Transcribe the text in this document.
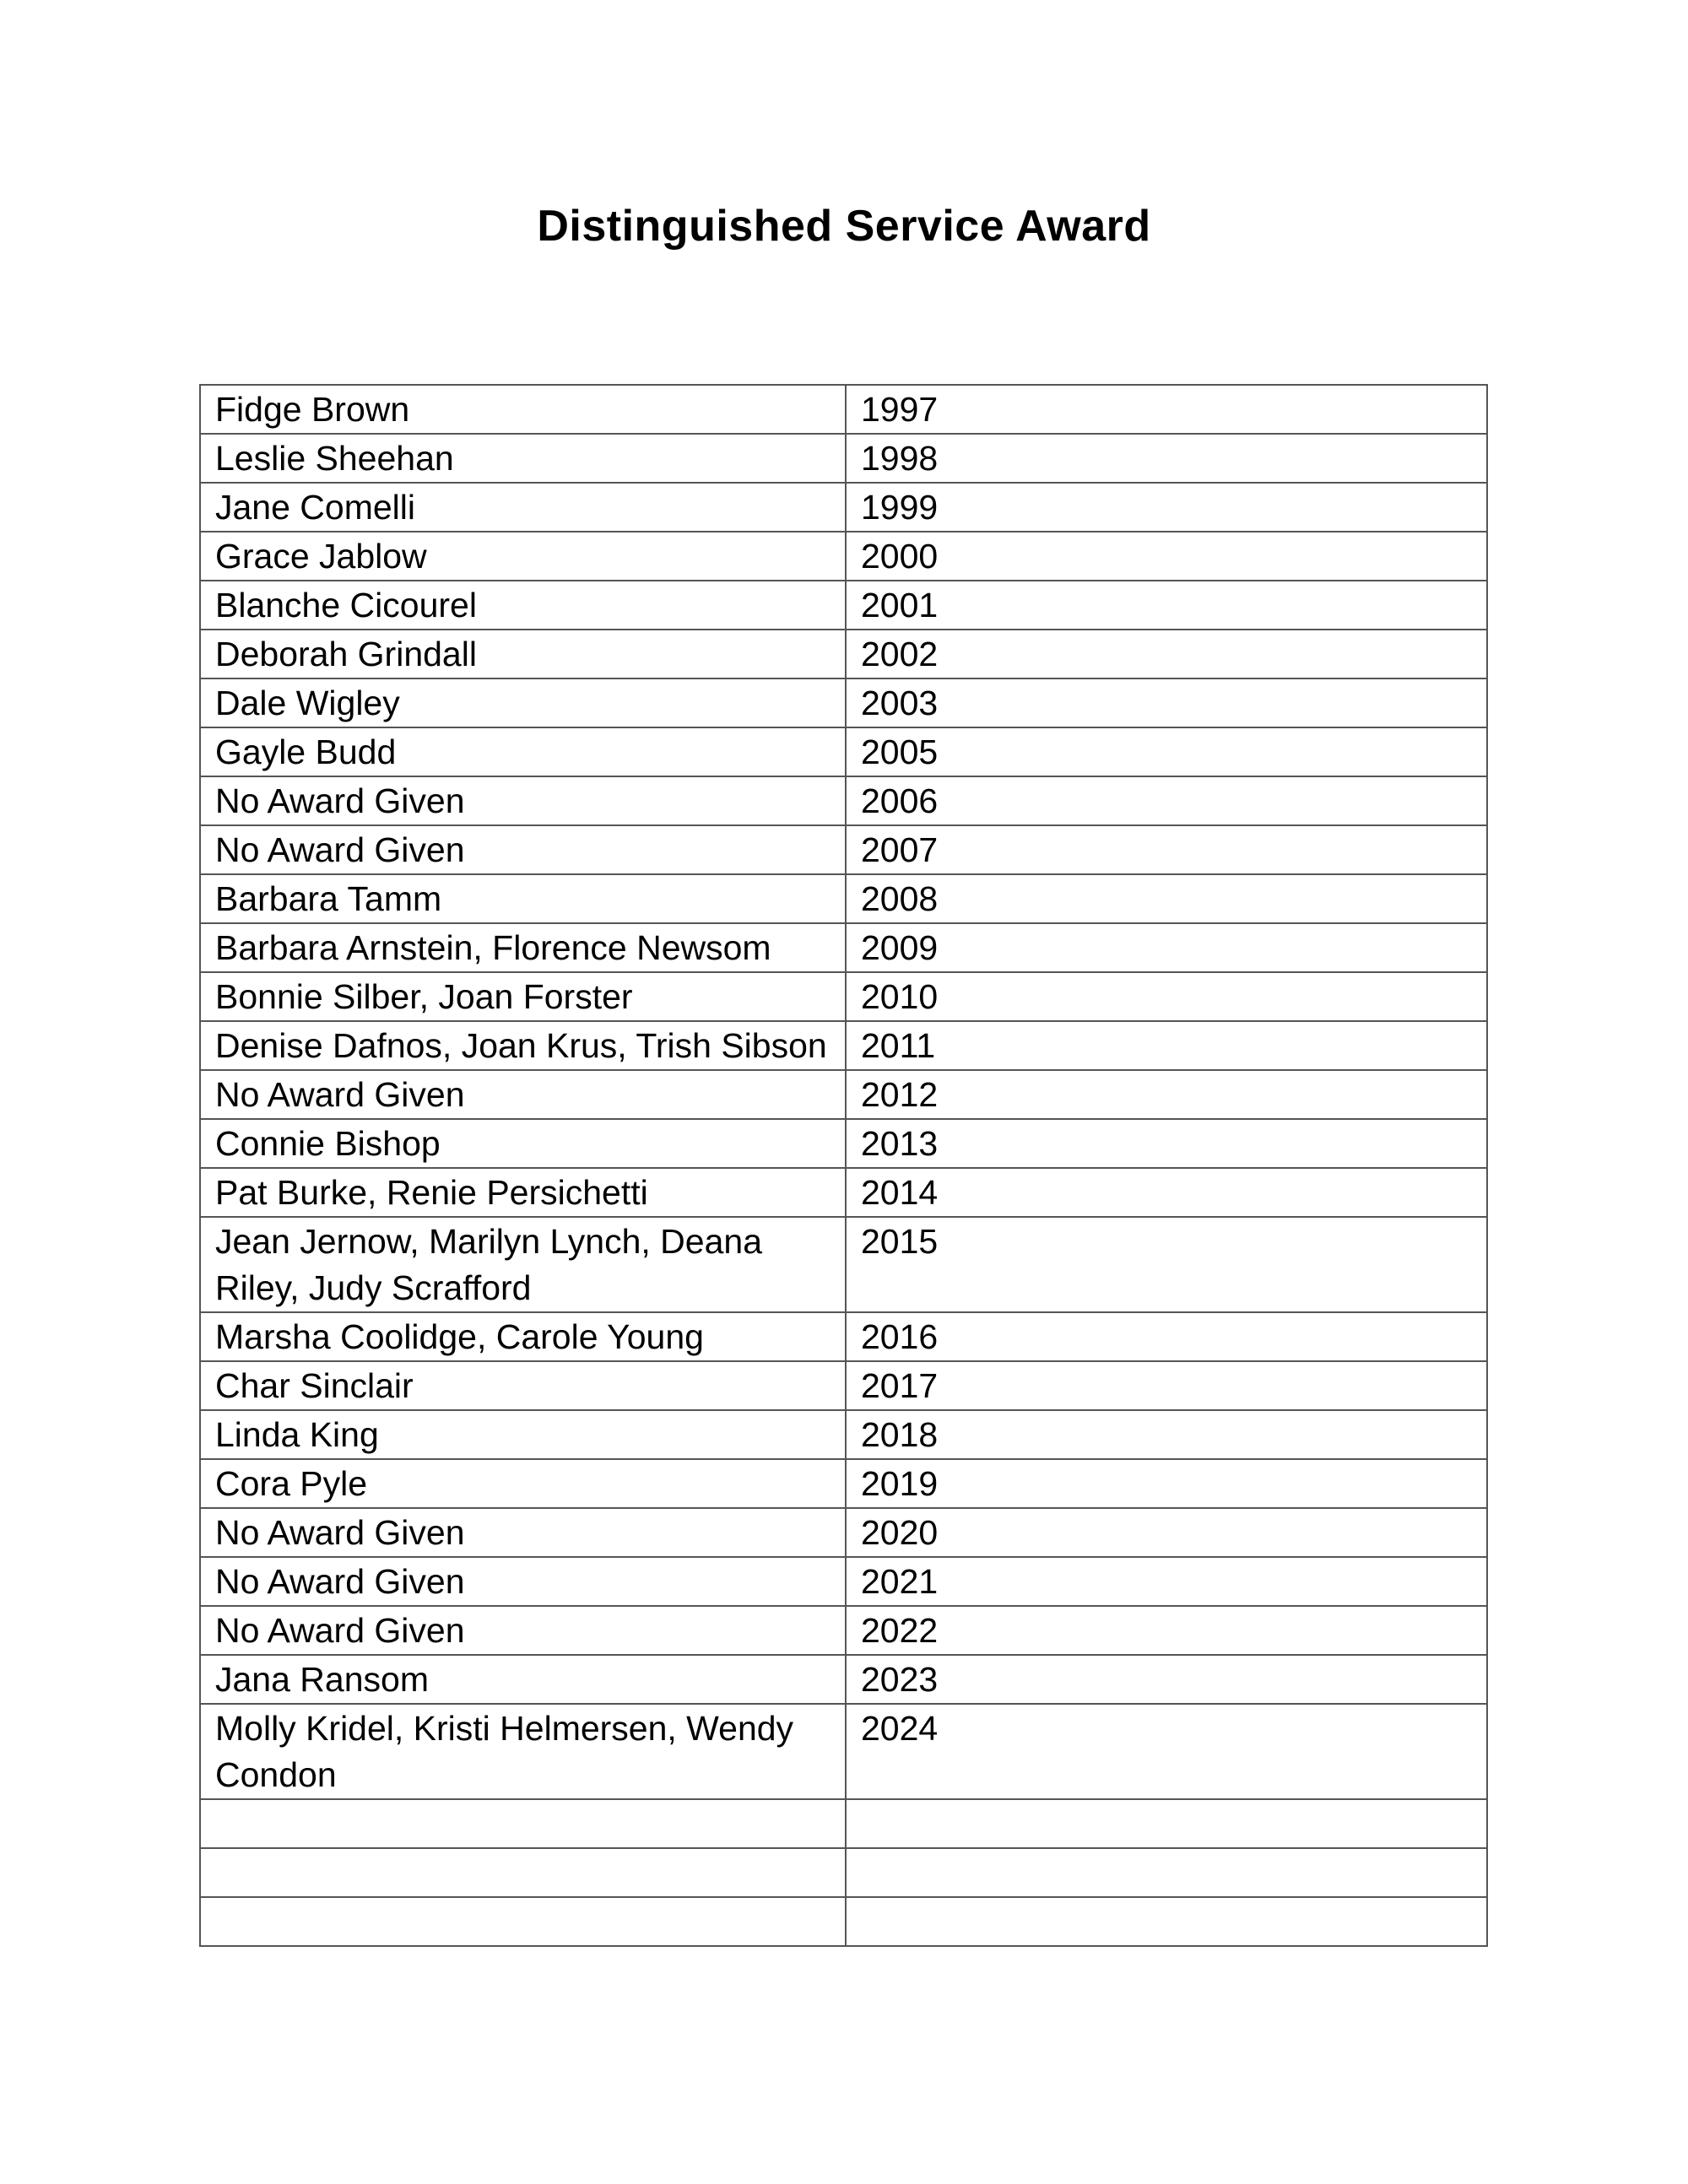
Distinguished Service Award
Fidge Brown	1997
Leslie Sheehan	1998
Jane Comelli	1999
Grace Jablow	2000
Blanche Cicourel	2001
Deborah Grindall	2002
Dale Wigley	2003
Gayle Budd	2005
No Award Given	2006
No Award Given	2007
Barbara Tamm	2008
Barbara Arnstein, Florence Newsom	2009
Bonnie Silber, Joan Forster	2010
Denise Dafnos, Joan Krus, Trish Sibson	2011
No Award Given	2012
Connie Bishop	2013
Pat Burke, Renie Persichetti	2014
Jean Jernow, Marilyn Lynch, Deana Riley, Judy Scrafford	2015
Marsha Coolidge, Carole Young	2016
Char Sinclair	2017
Linda King	2018
Cora Pyle	2019
No Award Given	2020
No Award Given	2021
No Award Given	2022
Jana Ransom	2023
Molly Kridel, Kristi Helmersen, Wendy Condon	2024
